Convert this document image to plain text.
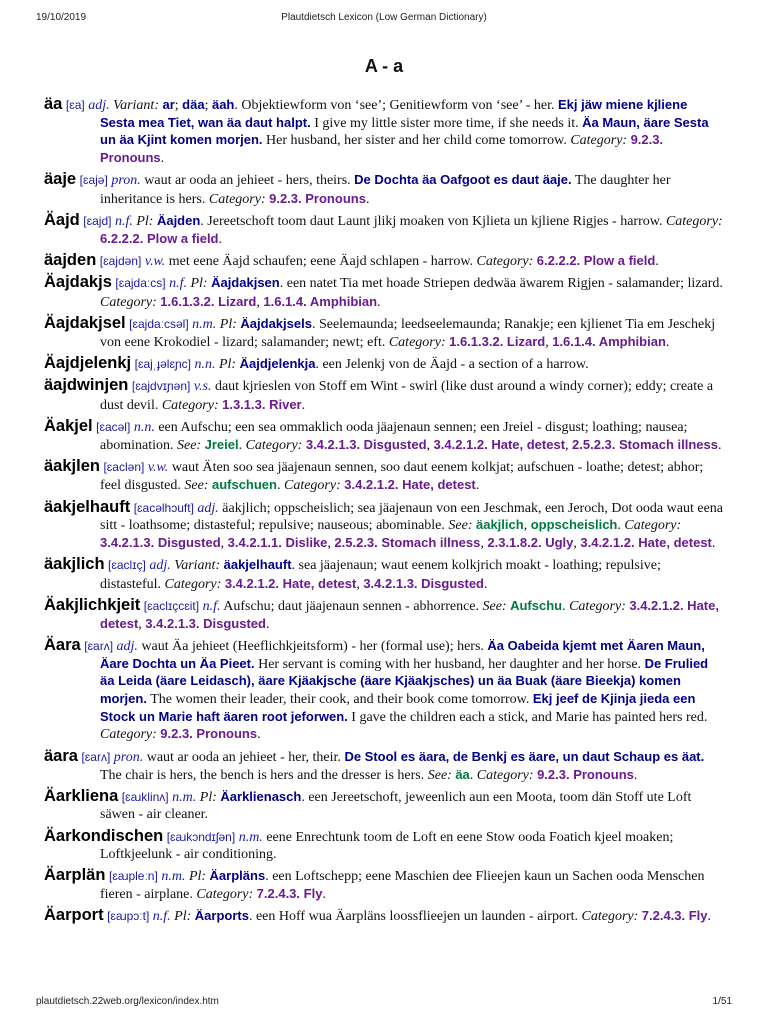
19/10/2019	Plautdietsch Lexicon (Low German Dictionary)
A - a
äa [ɛa] adj. Variant: ar; däa; äah. Objektiewform von ‘see’; Genitiewform von ‘see’ - her. Ekj jäw miene kjliene Sesta mea Tiet, wan äa daut halpt. I give my little sister more time, if she needs it. Äa Maun, äare Sesta un äa Kjint komen morjen. Her husband, her sister and her child come tomorrow. Category: 9.2.3. Pronouns.
äaje [ɛajə] pron. waut ar ooda an jehieet - hers, theirs. De Dochta äa Oafgoot es daut äaje. The daughter her inheritance is hers. Category: 9.2.3. Pronouns.
Äajd [ɛajd] n.f. Pl: Äajden. Jereetschoft toom daut Launt jlikj moaken von Kjlieta un kjliene Rigjes - harrow. Category: 6.2.2.2. Plow a field.
äajden [ɛajdən] v.w. met eene Äajd schaufen; eene Äajd schlapen - harrow. Category: 6.2.2.2. Plow a field.
Äajdakjs [ɛajdaːcs] n.f. Pl: Äajdakjsen. een natet Tia met hoade Striepen dedwäa äwarem Rigjen - salamander; lizard. Category: 1.6.1.3.2. Lizard, 1.6.1.4. Amphibian.
Äajdakjsel [ɛajdaːcsəl] n.m. Pl: Äajdakjsels. Seelemaunda; leedseelemaunda; Ranakje; een kjlienet Tia em Jeschekj von eene Krokodiel - lizard; salamander; newt; eft. Category: 1.6.1.3.2. Lizard, 1.6.1.4. Amphibian.
Äajdjelenkj [ɛajˌɟəlɛɲc] n.n. Pl: Äajdjelenkja. een Jelenkj von de Äajd - a section of a harrow.
äajdwinjen [ɛajdvɪɲən] v.s. daut kjrieslen von Stoff em Wint - swirl (like dust around a windy corner); eddy; create a dust devil. Category: 1.3.1.3. River.
Äakjel [ɛacəl] n.n. een Aufschu; een sea ommaklich ooda jäajenaun sennen; een Jreiel - disgust; loathing; nausea; abomination. See: Jreiel. Category: 3.4.2.1.3. Disgusted, 3.4.2.1.2. Hate, detest, 2.5.2.3. Stomach illness.
äakjlen [ɛaclən] v.w. waut Äten soo sea jäajenaun sennen, soo daut eenem kolkjat; aufschuen - loathe; detest; abhor; feel disgusted. See: aufschuen. Category: 3.4.2.1.2. Hate, detest.
äakjelhauft [ɛacəlhɔuft] adj. äakjlich; oppscheislich; sea jäajenaun von een Jeschmak, een Jeroch, Dot ooda waut eena sitt - loathsome; distasteful; repulsive; nauseous; abominable. See: äakjlich, oppscheislich. Category: 3.4.2.1.3. Disgusted, 3.4.2.1.1. Dislike, 2.5.2.3. Stomach illness, 2.3.1.8.2. Ugly, 3.4.2.1.2. Hate, detest.
äakjlich [ɛaclɪç] adj. Variant: äakjelhauft. sea jäajenaun; waut eenem kolkjrich moakt - loathing; repulsive; distasteful. Category: 3.4.2.1.2. Hate, detest, 3.4.2.1.3. Disgusted.
Äakjlichkjeit [ɛaclɪçcɛit] n.f. Aufschu; daut jäajenaun sennen - abhorrence. See: Aufschu. Category: 3.4.2.1.2. Hate, detest, 3.4.2.1.3. Disgusted.
Äara [ɛarʌ] adj. waut Äa jehieet (Heeflichkjeitsform) - her (formal use); hers. Äa Oabeida kjemt met Äaren Maun, Äare Dochta un Äa Pieet. Her servant is coming with her husband, her daughter and her horse. De Frulied äa Leida (äare Leidasch), äare Kjäakjsche (äare Kjäakjsches) un äa Buak (äare Bieekja) komen morjen. The women their leader, their cook, and their book come tomorrow. Ekj jeef de Kjinja jieda een Stock un Marie haft äaren root jeforwen. I gave the children each a stick, and Marie has painted hers red. Category: 9.2.3. Pronouns.
äara [ɛarʌ] pron. waut ar ooda an jehieet - her, their. De Stool es äara, de Benkj es äare, un daut Schaup es äat. The chair is hers, the bench is hers and the dresser is hers. See: äa. Category: 9.2.3. Pronouns.
Äarkliena [ɛaɹklinʌ] n.m. Pl: Äarklienasch. een Jereetschoft, jeweenlich aun een Moota, toom dän Stoff ute Loft säwen - air cleaner.
Äarkondischen [ɛaɹkɔndɪʃən] n.m. eene Enrechtunk toom de Loft en eene Stow ooda Foatich kjeel moaken; Loftkjeelunk - air conditioning.
Äarplän [ɛaɹpleːn] n.m. Pl: Äarpläns. een Loftschepp; eene Maschien dee Flieejen kaun un Sachen ooda Menschen fieren - airplane. Category: 7.2.4.3. Fly.
Äarport [ɛaɹpɔːt] n.f. Pl: Äarports. een Hoff wua Äarpläns loossflieejen un launden - airport. Category: 7.2.4.3. Fly.
plautdietsch.22web.org/lexicon/index.htm	1/51
